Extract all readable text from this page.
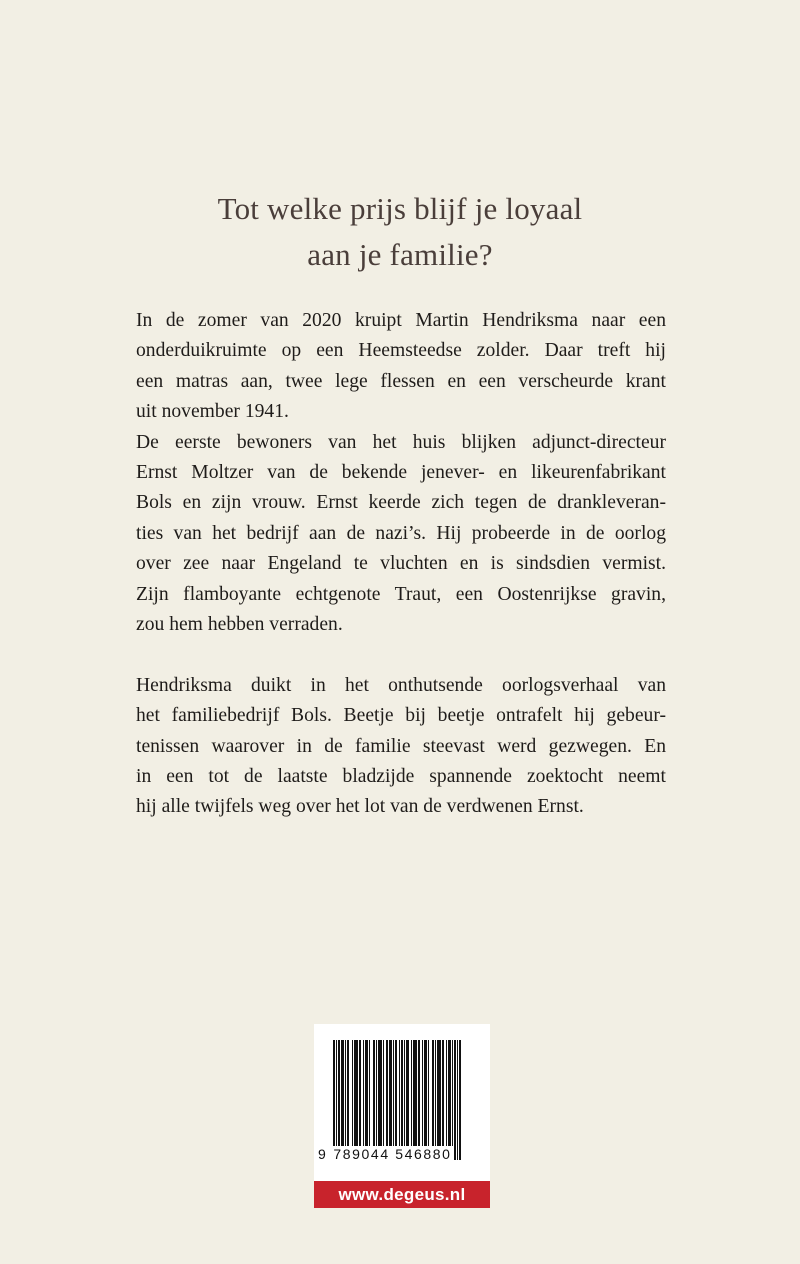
Tot welke prijs blijf je loyaal
aan je familie?
In de zomer van 2020 kruipt Martin Hendriksma naar een
onderduikruimte op een Heemsteedse zolder. Daar treft hij
een matras aan, twee lege flessen en een verscheurde krant
uit november 1941.
De eerste bewoners van het huis blijken adjunct-directeur
Ernst Moltzer van de bekende jenever- en likeurenfabrikant
Bols en zijn vrouw. Ernst keerde zich tegen de drankleveran-
ties van het bedrijf aan de nazi’s. Hij probeerde in de oorlog
over zee naar Engeland te vluchten en is sindsdien vermist.
Zijn flamboyante echtgenote Traut, een Oostenrijkse gravin,
zou hem hebben verraden.
Hendriksma duikt in het onthutsende oorlogsverhaal van
het familiebedrijf Bols. Beetje bij beetje ontrafelt hij gebeur-
tenissen waarover in de familie steevast werd gezwegen. En
in een tot de laatste bladzijde spannende zoektocht neemt
hij alle twijfels weg over het lot van de verdwenen Ernst.
9 789044 546880
www.degeus.nl
